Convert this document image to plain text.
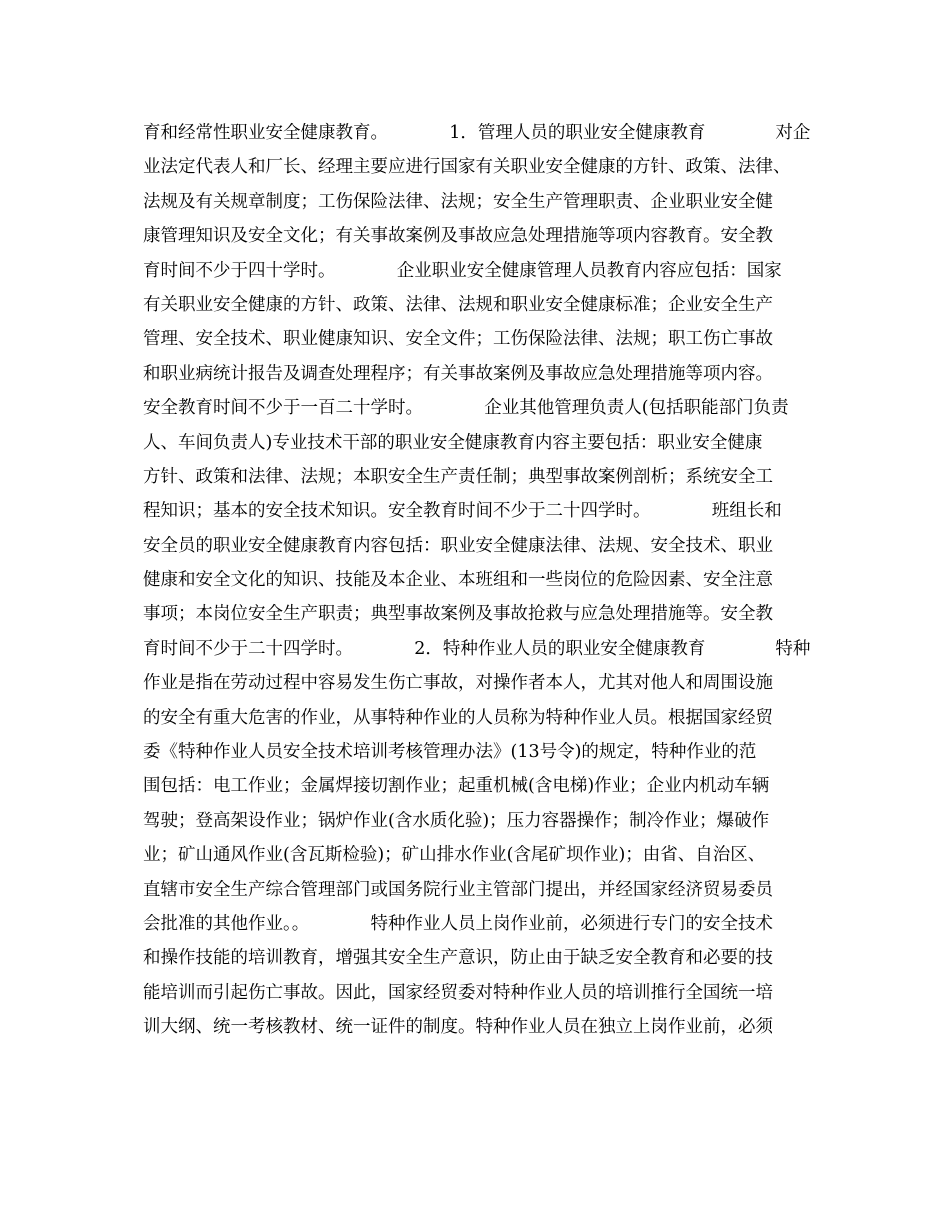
育和经常性职业安全健康教育。　　　　1．管理人员的职业安全健康教育　　　　对企
业法定代表人和厂长、经理主要应进行国家有关职业安全健康的方针、政策、法律、
法规及有关规章制度；工伤保险法律、法规；安全生产管理职责、企业职业安全健
康管理知识及安全文化；有关事故案例及事故应急处理措施等项内容教育。安全教
育时间不少于四十学时。　　　　企业职业安全健康管理人员教育内容应包括：国家
有关职业安全健康的方针、政策、法律、法规和职业安全健康标准；企业安全生产
管理、安全技术、职业健康知识、安全文件；工伤保险法律、法规；职工伤亡事故
和职业病统计报告及调查处理程序；有关事故案例及事故应急处理措施等项内容。
安全教育时间不少于一百二十学时。　　　　企业其他管理负责人(包括职能部门负责
人、车间负责人)专业技术干部的职业安全健康教育内容主要包括：职业安全健康
方针、政策和法律、法规；本职安全生产责任制；典型事故案例剖析；系统安全工
程知识；基本的安全技术知识。安全教育时间不少于二十四学时。　　　　班组长和
安全员的职业安全健康教育内容包括：职业安全健康法律、法规、安全技术、职业
健康和安全文化的知识、技能及本企业、本班组和一些岗位的危险因素、安全注意
事项；本岗位安全生产职责；典型事故案例及事故抢救与应急处理措施等。安全教
育时间不少于二十四学时。　　　　2．特种作业人员的职业安全健康教育　　　　特种
作业是指在劳动过程中容易发生伤亡事故，对操作者本人，尤其对他人和周围设施
的安全有重大危害的作业，从事特种作业的人员称为特种作业人员。根据国家经贸
委《特种作业人员安全技术培训考核管理办法》(13号令)的规定，特种作业的范
围包括：电工作业；金属焊接切割作业；起重机械(含电梯)作业；企业内机动车辆
驾驶；登高架设作业；锅炉作业(含水质化验)；压力容器操作；制冷作业；爆破作
业；矿山通风作业(含瓦斯检验)；矿山排水作业(含尾矿坝作业)；由省、自治区、
直辖市安全生产综合管理部门或国务院行业主管部门提出，并经国家经济贸易委员
会批准的其他作业。。　　　　特种作业人员上岗作业前，必须进行专门的安全技术
和操作技能的培训教育，增强其安全生产意识，防止由于缺乏安全教育和必要的技
能培训而引起伤亡事故。因此，国家经贸委对特种作业人员的培训推行全国统一培
训大纲、统一考核教材、统一证件的制度。特种作业人员在独立上岗作业前，必须
